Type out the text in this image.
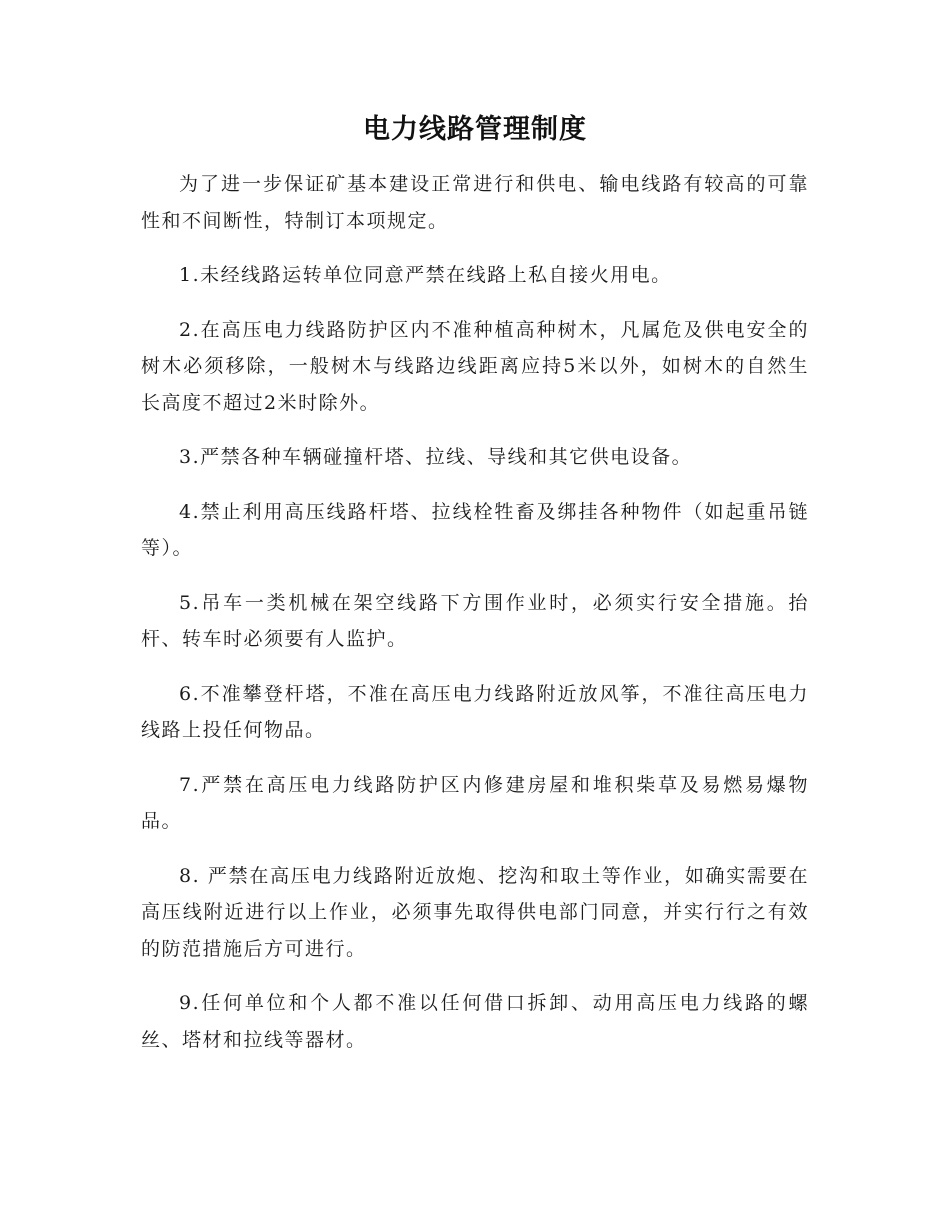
电力线路管理制度

为了进一步保证矿基本建设正常进行和供电、输电线路有较高的可靠性和不间断性，特制订本项规定。

1.未经线路运转单位同意严禁在线路上私自接火用电。

2.在高压电力线路防护区内不准种植高种树木，凡属危及供电安全的树木必须移除，一般树木与线路边线距离应持5米以外，如树木的自然生长高度不超过2米时除外。

3.严禁各种车辆碰撞杆塔、拉线、导线和其它供电设备。

4.禁止利用高压线路杆塔、拉线栓牲畜及绑挂各种物件（如起重吊链等）。

5.吊车一类机械在架空线路下方围作业时，必须实行安全措施。抬杆、转车时必须要有人监护。

6.不准攀登杆塔，不准在高压电力线路附近放风筝，不准往高压电力线路上投任何物品。

7.严禁在高压电力线路防护区内修建房屋和堆积柴草及易燃易爆物品。

8. 严禁在高压电力线路附近放炮、挖沟和取土等作业，如确实需要在高压线附近进行以上作业，必须事先取得供电部门同意，并实行行之有效的防范措施后方可进行。

9.任何单位和个人都不准以任何借口拆卸、动用高压电力线路的螺丝、塔材和拉线等器材。
